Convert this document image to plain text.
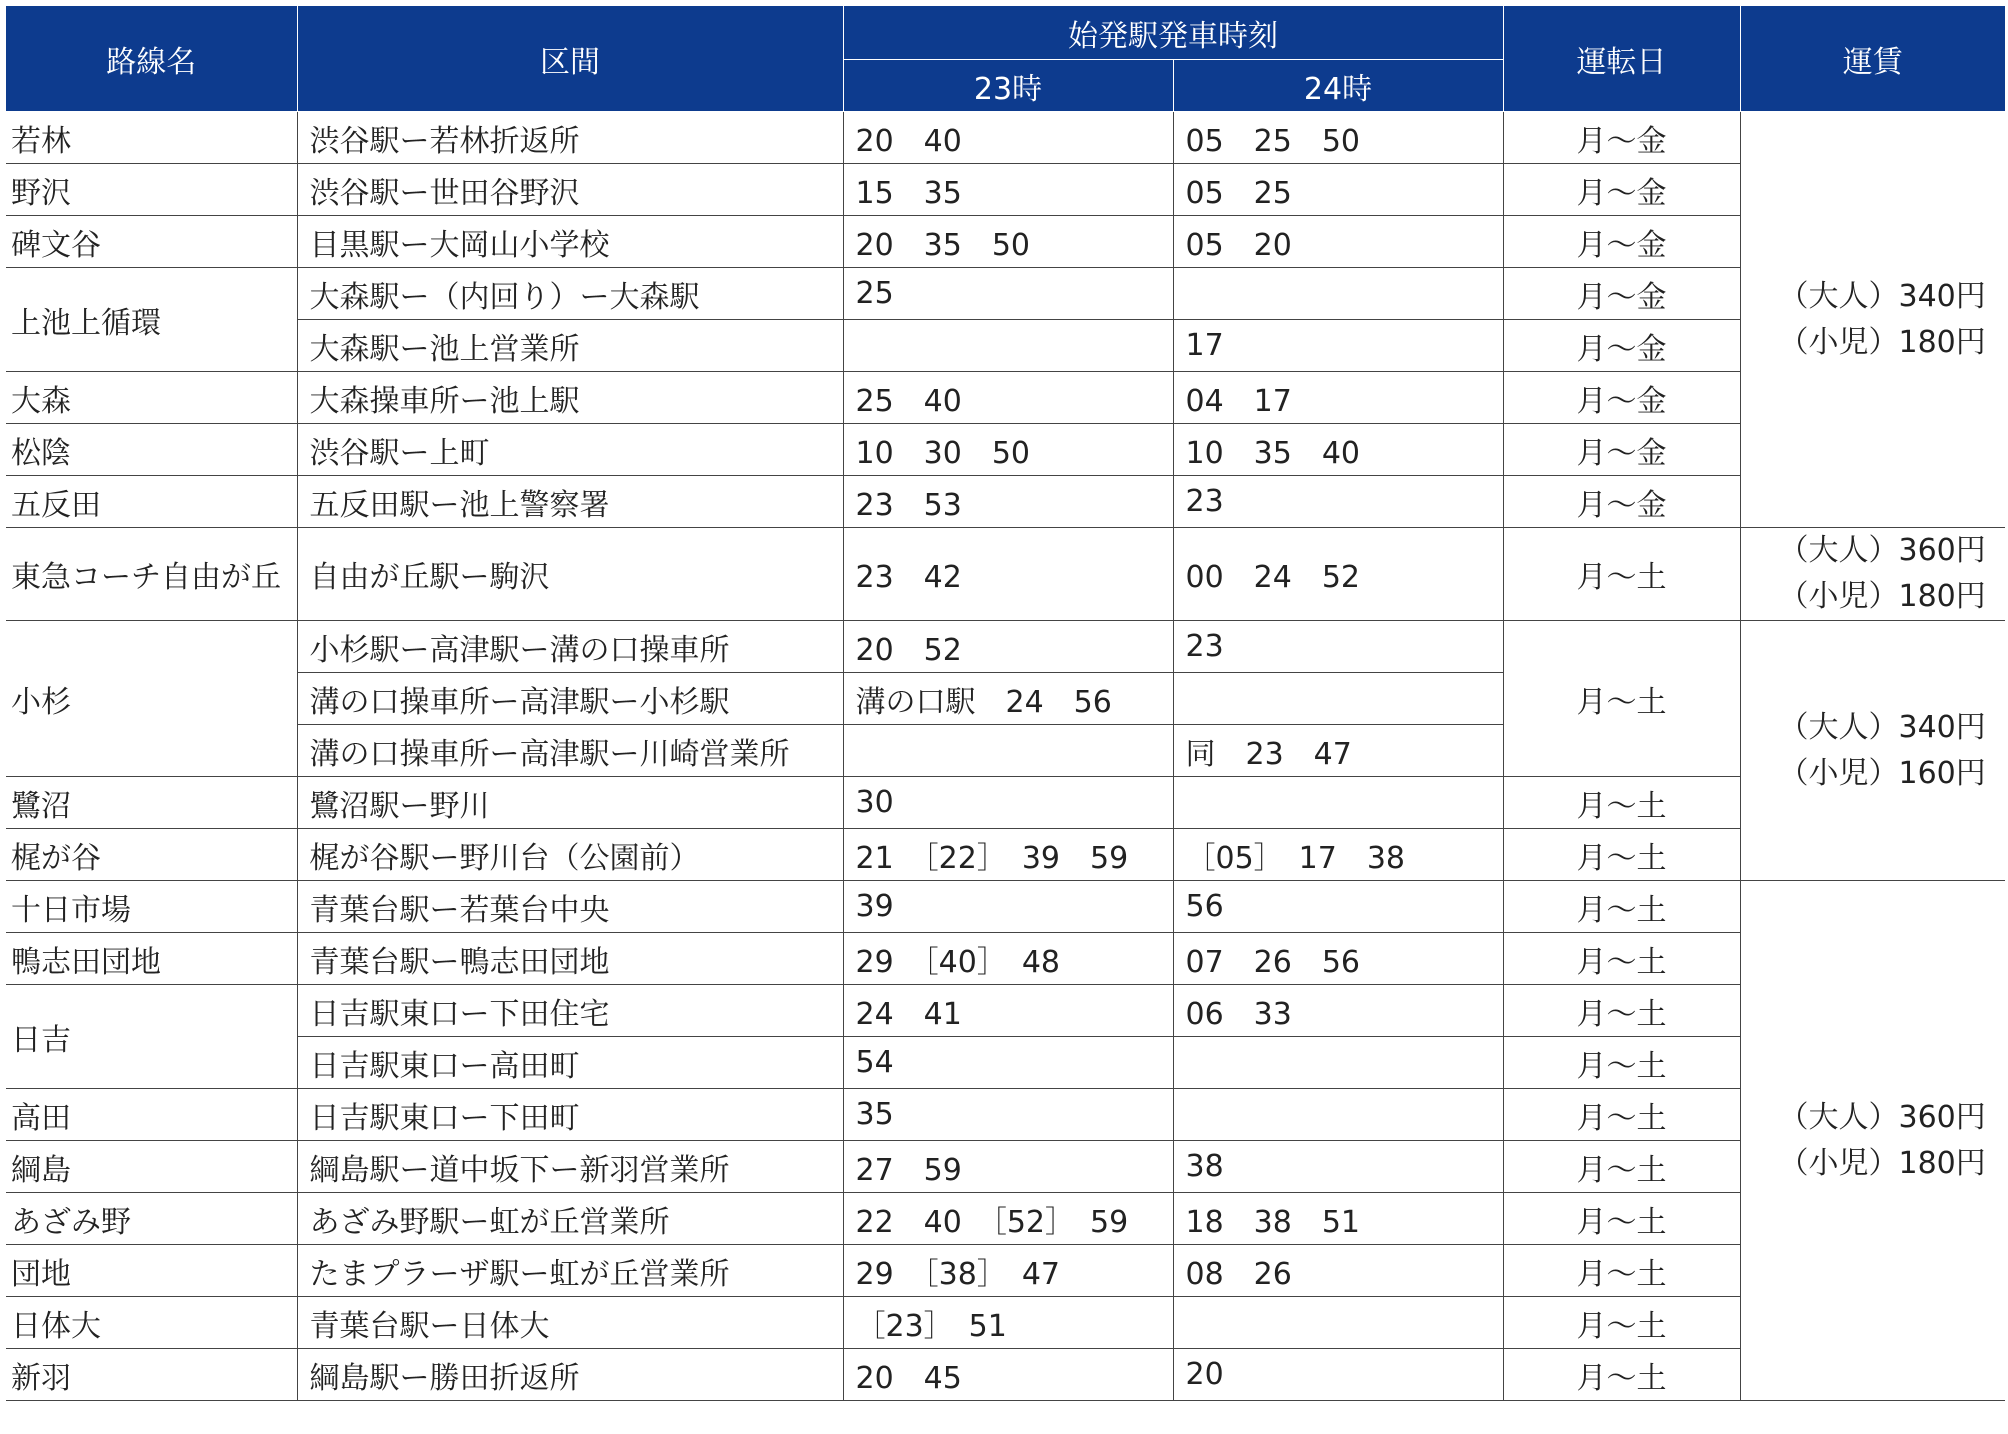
路線名	区間	始発駅発車時刻		運転日	運賃
		23時	24時		
若林	渋谷駅ー若林折返所	20　40	05　25　50	月～金	（大人）340円
（小児）180円

野沢	渋谷駅ー世田谷野沢	15　35	05　25	月～金	
碑文谷	目黒駅ー大岡山小学校	20　35　50	05　20	月～金	
上池上循環	大森駅ー（内回り）ー大森駅	25		月～金	
	大森駅ー池上営業所		17	月～金	
大森	大森操車所ー池上駅	25　40	04　17	月～金	
松陰	渋谷駅ー上町	10　30　50	10　35　40	月～金	
五反田	五反田駅ー池上警察署	23　53	23	月～金	
東急コーチ自由が丘	自由が丘駅ー駒沢	23　42	00　24　52	月～土	（大人）360円
（小児）180円

小杉	小杉駅ー高津駅ー溝の口操車所	20　52	23	月～土	（大人）340円
（小児）160円

	溝の口操車所ー高津駅ー小杉駅	溝の口駅　24　56			
	溝の口操車所ー高津駅ー川崎営業所		同　23　47		
鷺沼	鷺沼駅ー野川	30		月～土	
梶が谷	梶が谷駅ー野川台（公園前）	21　［22］　39　59	［05］　17　38	月～土	
十日市場	青葉台駅ー若葉台中央	39	56	月～土	（大人）360円
（小児）180円

鴨志田団地	青葉台駅ー鴨志田団地	29　［40］　48	07　26　56	月～土	
日吉	日吉駅東口ー下田住宅	24　41	06　33	月～土	
	日吉駅東口ー高田町	54		月～土	
高田	日吉駅東口ー下田町	35		月～土	
綱島	綱島駅ー道中坂下ー新羽営業所	27　59	38	月～土	
あざみ野	あざみ野駅ー虹が丘営業所	22　40　［52］　59	18　38　51	月～土	
団地	たまプラーザ駅ー虹が丘営業所	29　［38］　47	08　26	月～土	
日体大	青葉台駅ー日体大	［23］　51		月～土	
新羽	綱島駅ー勝田折返所	20　45	20	月～土	
